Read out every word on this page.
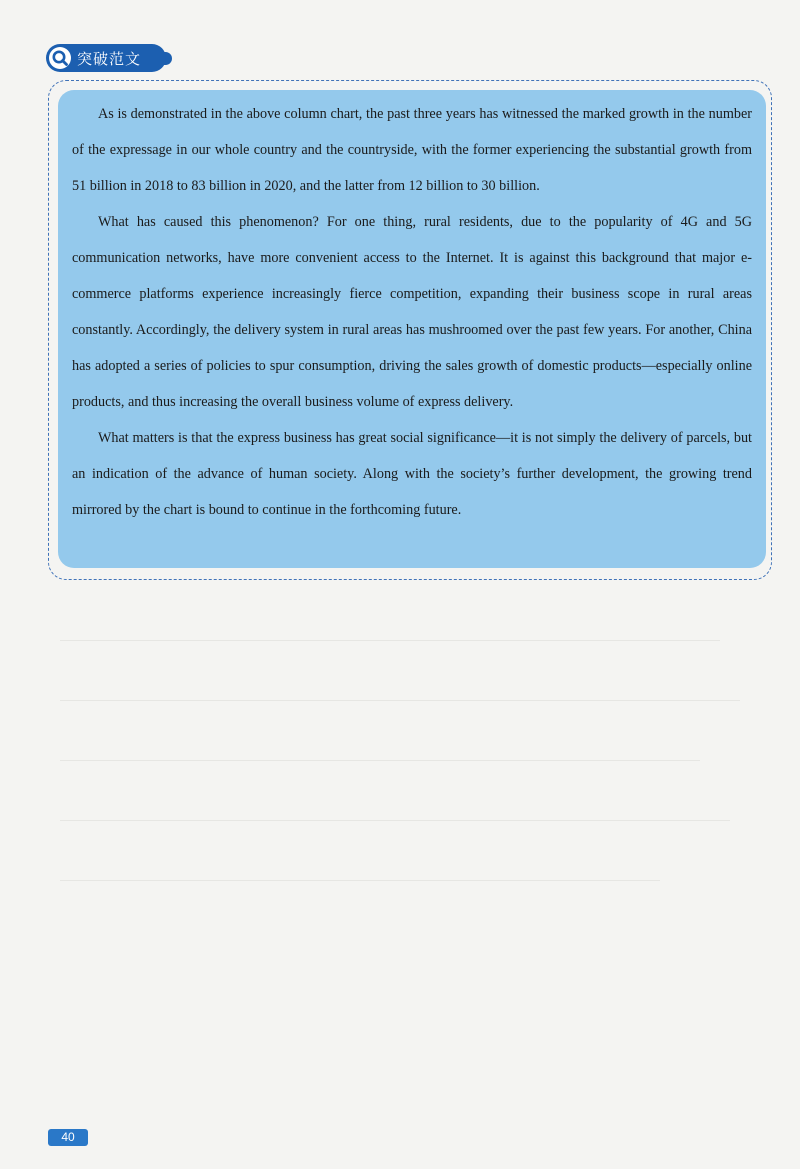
突破范文

As is demonstrated in the above column chart, the past three years has witnessed the marked growth in the number of the expressage in our whole country and the countryside, with the former experiencing the substantial growth from 51 billion in 2018 to 83 billion in 2020, and the latter from 12 billion to 30 billion.

What has caused this phenomenon? For one thing, rural residents, due to the popularity of 4G and 5G communication networks, have more convenient access to the Internet. It is against this background that major e-commerce platforms experience increasingly fierce competition, expanding their business scope in rural areas constantly. Accordingly, the delivery system in rural areas has mushroomed over the past few years. For another, China has adopted a series of policies to spur consumption, driving the sales growth of domestic products—especially online products, and thus increasing the overall business volume of express delivery.

What matters is that the express business has great social significance—it is not simply the delivery of parcels, but an indication of the advance of human society. Along with the society’s further development, the growing trend mirrored by the chart is bound to continue in the forthcoming future.

40
